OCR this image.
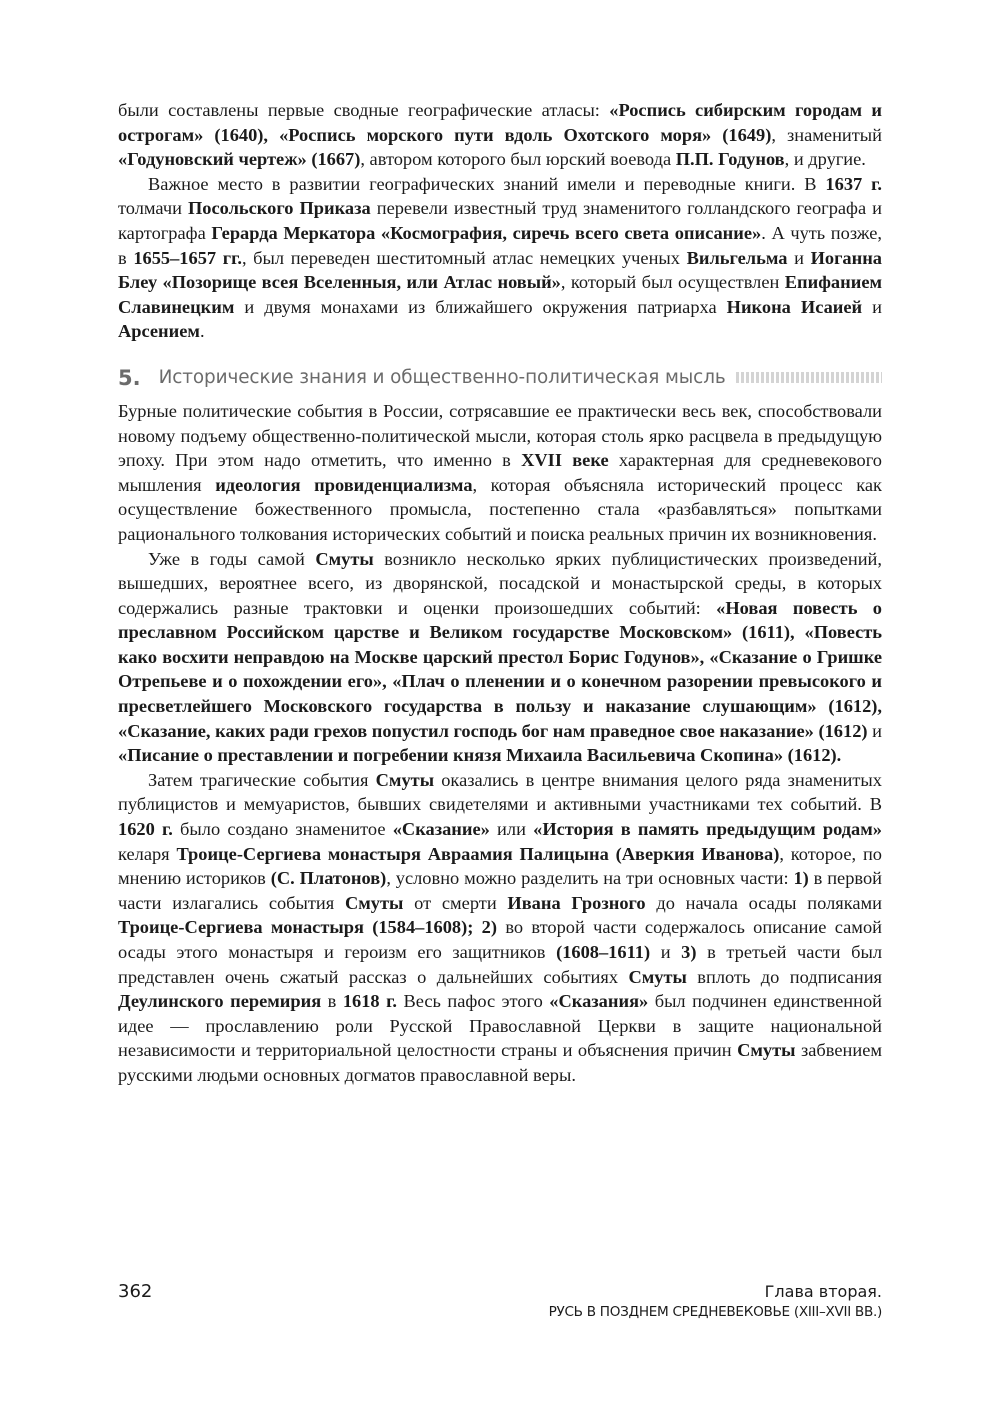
были составлены первые сводные географические атласы: «Роспись сибирским городам и острогам» (1640), «Роспись морского пути вдоль Охотского моря» (1649), знаменитый «Годуновский чертеж» (1667), автором которого был юрский воевода П.П. Годунов, и другие.

Важное место в развитии географических знаний имели и переводные книги. В 1637 г. толмачи Посольского Приказа перевели известный труд знаменитого голландского географа и картографа Герарда Меркатора «Космография, сиречь всего света описание». А чуть позже, в 1655–1657 гг., был переведен шеститомный атлас немецких ученых Вильгельма и Иоганна Блеу «Позорище всея Вселенныя, или Атлас новый», который был осуществлен Епифанием Славинецким и двумя монахами из ближайшего окружения патриарха Никона Исаией и Арсением.

5. Исторические знания и общественно-политическая мысль

Бурные политические события в России, сотрясавшие ее практически весь век, способствовали новому подъему общественно-политической мысли, которая столь ярко расцвела в предыдущую эпоху. При этом надо отметить, что именно в XVII веке характерная для средневекового мышления идеология провиденциализма, которая объясняла исторический процесс как осуществление божественного промысла, постепенно стала «разбавляться» попытками рационального толкования исторических событий и поиска реальных причин их возникновения.

Уже в годы самой Смуты возникло несколько ярких публицистических произведений, вышедших, вероятнее всего, из дворянской, посадской и монастырской среды, в которых содержались разные трактовки и оценки произошедших событий: «Новая повесть о преславном Российском царстве и Великом государстве Московском» (1611), «Повесть како восхити неправдою на Москве царский престол Борис Годунов», «Сказание о Гришке Отрепьеве и о похождении его», «Плач о пленении и о конечном разорении превысокого и пресветлейшего Московского государства в пользу и наказание слушающим» (1612), «Сказание, каких ради грехов попустил господь бог нам праведное свое наказание» (1612) и «Писание о преставлении и погребении князя Михаила Васильевича Скопина» (1612).

Затем трагические события Смуты оказались в центре внимания целого ряда знаменитых публицистов и мемуаристов, бывших свидетелями и активными участниками тех событий. В 1620 г. было создано знаменитое «Сказание» или «История в память предыдущим родам» келаря Троице-Сергиева монастыря Авраамия Палицына (Аверкия Иванова), которое, по мнению историков (С. Платонов), условно можно разделить на три основных части: 1) в первой части излагались события Смуты от смерти Ивана Грозного до начала осады поляками Троице-Сергиева монастыря (1584–1608); 2) во второй части содержалось описание самой осады этого монастыря и героизм его защитников (1608–1611) и 3) в третьей части был представлен очень сжатый рассказ о дальнейших событиях Смуты вплоть до подписания Деулинского перемирия в 1618 г. Весь пафос этого «Сказания» был подчинен единственной идее — прославлению роли Русской Православной Церкви в защите национальной независимости и территориальной целостности страны и объяснения причин Смуты забвением русскими людьми основных догматов православной веры.

362	Глава вторая.
РУСЬ В ПОЗДНЕМ СРЕДНЕВЕКОВЬЕ (XIII–XVII ВВ.)
